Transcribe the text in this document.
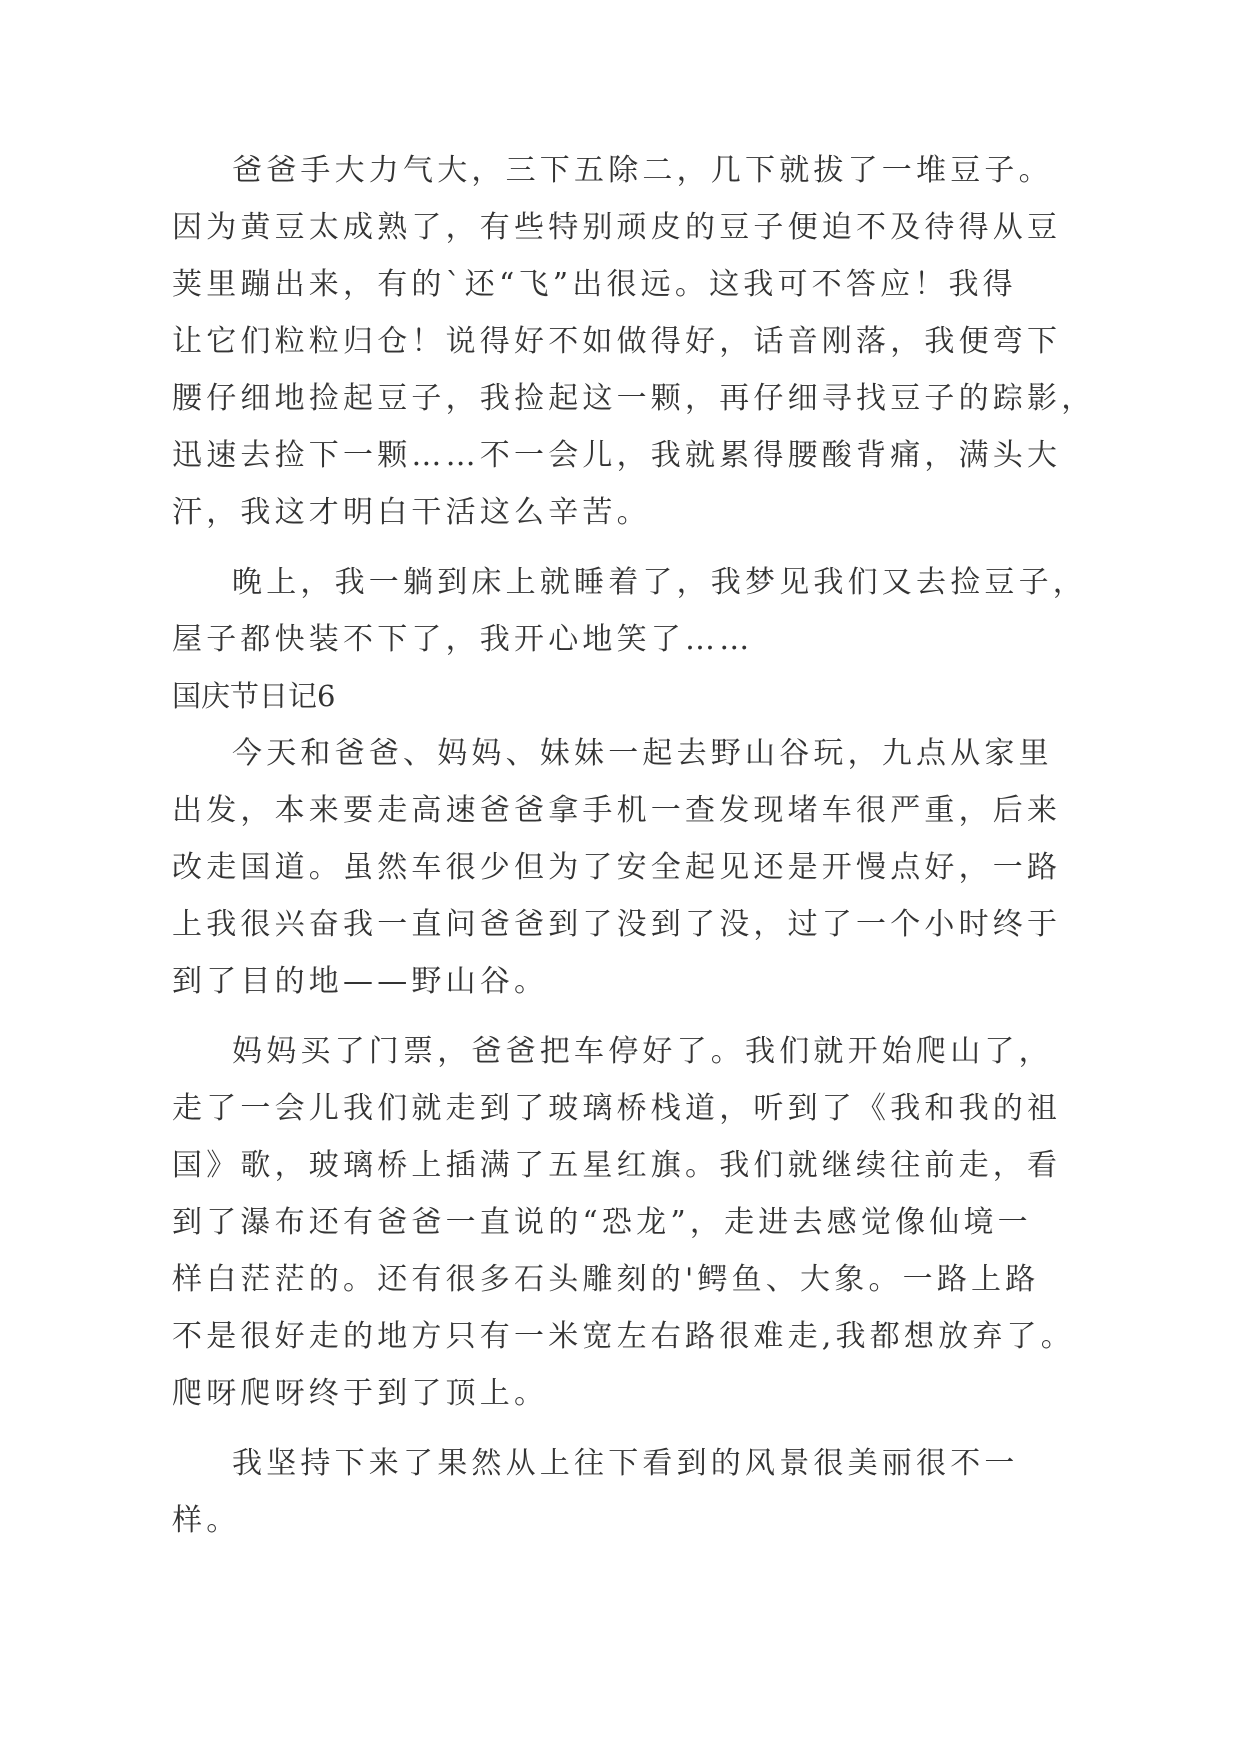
爸爸手大力气大，三下五除二，几下就拔了一堆豆子。
因为黄豆太成熟了，有些特别顽皮的豆子便迫不及待得从豆
荚里蹦出来，有的`还“飞”出很远。这我可不答应！我得
让它们粒粒归仓！说得好不如做得好，话音刚落，我便弯下
腰仔细地捡起豆子，我捡起这一颗，再仔细寻找豆子的踪影，
迅速去捡下一颗……不一会儿，我就累得腰酸背痛，满头大
汗，我这才明白干活这么辛苦。
晚上，我一躺到床上就睡着了，我梦见我们又去捡豆子，
屋子都快装不下了，我开心地笑了……
国庆节日记6
今天和爸爸、妈妈、妹妹一起去野山谷玩，九点从家里
出发，本来要走高速爸爸拿手机一查发现堵车很严重，后来
改走国道。虽然车很少但为了安全起见还是开慢点好，一路
上我很兴奋我一直问爸爸到了没到了没，过了一个小时终于
到了目的地——野山谷。
妈妈买了门票，爸爸把车停好了。我们就开始爬山了，
走了一会儿我们就走到了玻璃桥栈道，听到了《我和我的祖
国》歌，玻璃桥上插满了五星红旗。我们就继续往前走，看
到了瀑布还有爸爸一直说的“恐龙”，走进去感觉像仙境一
样白茫茫的。还有很多石头雕刻的'鳄鱼、大象。一路上路
不是很好走的地方只有一米宽左右路很难走,我都想放弃了。
爬呀爬呀终于到了顶上。
我坚持下来了果然从上往下看到的风景很美丽很不一
样。
